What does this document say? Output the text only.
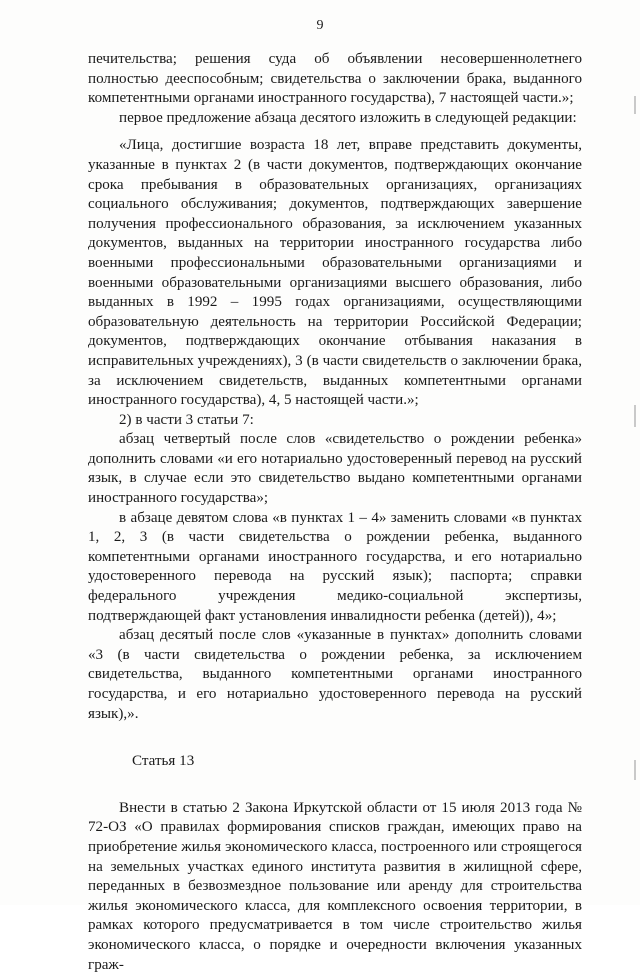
9

печительства; решения суда об объявлении несовершеннолетнего полностью дееспособным; свидетельства о заключении брака, выданного компетентными органами иностранного государства), 7 настоящей части.»;

первое предложение абзаца десятого изложить в следующей редакции:

«Лица, достигшие возраста 18 лет, вправе представить документы, указанные в пунктах 2 (в части документов, подтверждающих окончание срока пребывания в образовательных организациях, организациях социального обслуживания; документов, подтверждающих завершение получения профессионального образования, за исключением указанных документов, выданных на территории иностранного государства либо военными профессиональными образовательными организациями и военными образовательными организациями высшего образования, либо выданных в 1992 – 1995 годах организациями, осуществляющими образовательную деятельность на территории Российской Федерации; документов, подтверждающих окончание отбывания наказания в исправительных учреждениях), 3 (в части свидетельств о заключении брака, за исключением свидетельств, выданных компетентными органами иностранного государства), 4, 5 настоящей части.»;

2) в части 3 статьи 7:

абзац четвертый после слов «свидетельство о рождении ребенка» дополнить словами «и его нотариально удостоверенный перевод на русский язык, в случае если это свидетельство выдано компетентными органами иностранного государства»;

в абзаце девятом слова «в пунктах 1 – 4» заменить словами «в пунктах 1, 2, 3 (в части свидетельства о рождении ребенка, выданного компетентными органами иностранного государства, и его нотариально удостоверенного перевода на русский язык); паспорта; справки федерального учреждения медико-социальной экспертизы, подтверждающей факт установления инвалидности ребенка (детей)), 4»;

абзац десятый после слов «указанные в пунктах» дополнить словами «3 (в части свидетельства о рождении ребенка, за исключением свидетельства, выданного компетентными органами иностранного государства, и его нотариально удостоверенного перевода на русский язык),».

Статья 13

Внести в статью 2 Закона Иркутской области от 15 июля 2013 года № 72-ОЗ «О правилах формирования списков граждан, имеющих право на приобретение жилья экономического класса, построенного или строящегося на земельных участках единого института развития в жилищной сфере, переданных в безвозмездное пользование или аренду для строительства жилья экономического класса, для комплексного освоения территории, в рамках которого предусматривается в том числе строительство жилья экономического класса, о порядке и очередности включения указанных граж-
